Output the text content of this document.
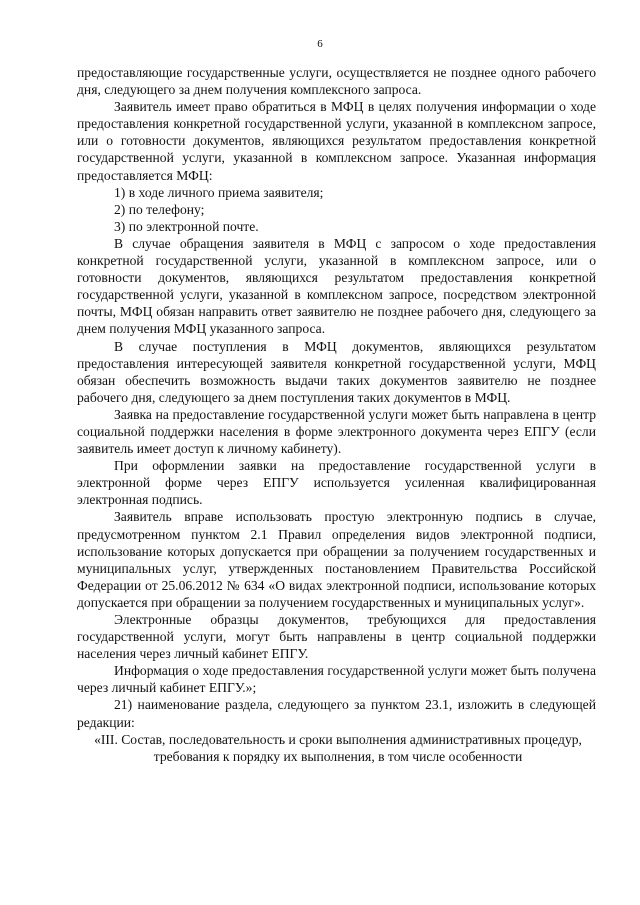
6

предоставляющие государственные услуги, осуществляется не позднее одного рабочего дня, следующего за днем получения комплексного запроса.

Заявитель имеет право обратиться в МФЦ в целях получения информации о ходе предоставления конкретной государственной услуги, указанной в комплексном запросе, или о готовности документов, являющихся результатом предоставления конкретной государственной услуги, указанной в комплексном запросе. Указанная информация предоставляется МФЦ:

1) в ходе личного приема заявителя;

2) по телефону;

3) по электронной почте.

В случае обращения заявителя в МФЦ с запросом о ходе предоставления конкретной государственной услуги, указанной в комплексном запросе, или о готовности документов, являющихся результатом предоставления конкретной государственной услуги, указанной в комплексном запросе, посредством электронной почты, МФЦ обязан направить ответ заявителю не позднее рабочего дня, следующего за днем получения МФЦ указанного запроса.

В случае поступления в МФЦ документов, являющихся результатом предоставления интересующей заявителя конкретной государственной услуги, МФЦ обязан обеспечить возможность выдачи таких документов заявителю не позднее рабочего дня, следующего за днем поступления таких документов в МФЦ.

Заявка на предоставление государственной услуги может быть направлена в центр социальной поддержки населения в форме электронного документа через ЕПГУ (если заявитель имеет доступ к личному кабинету).

При оформлении заявки на предоставление государственной услуги в электронной форме через ЕПГУ используется усиленная квалифицированная электронная подпись.

Заявитель вправе использовать простую электронную подпись в случае, предусмотренном пунктом 2.1 Правил определения видов электронной подписи, использование которых допускается при обращении за получением государственных и муниципальных услуг, утвержденных постановлением Правительства Российской Федерации от 25.06.2012 № 634 «О видах электронной подписи, использование которых допускается при обращении за получением государственных и муниципальных услуг».

Электронные образцы документов, требующихся для предоставления государственной услуги, могут быть направлены в центр социальной поддержки населения через личный кабинет ЕПГУ.

Информация о ходе предоставления государственной услуги может быть получена через личный кабинет ЕПГУ.»;

21) наименование раздела, следующего за пунктом 23.1, изложить в следующей редакции:

«III. Состав, последовательность и сроки выполнения административных процедур, требования к порядку их выполнения, в том числе особенности
